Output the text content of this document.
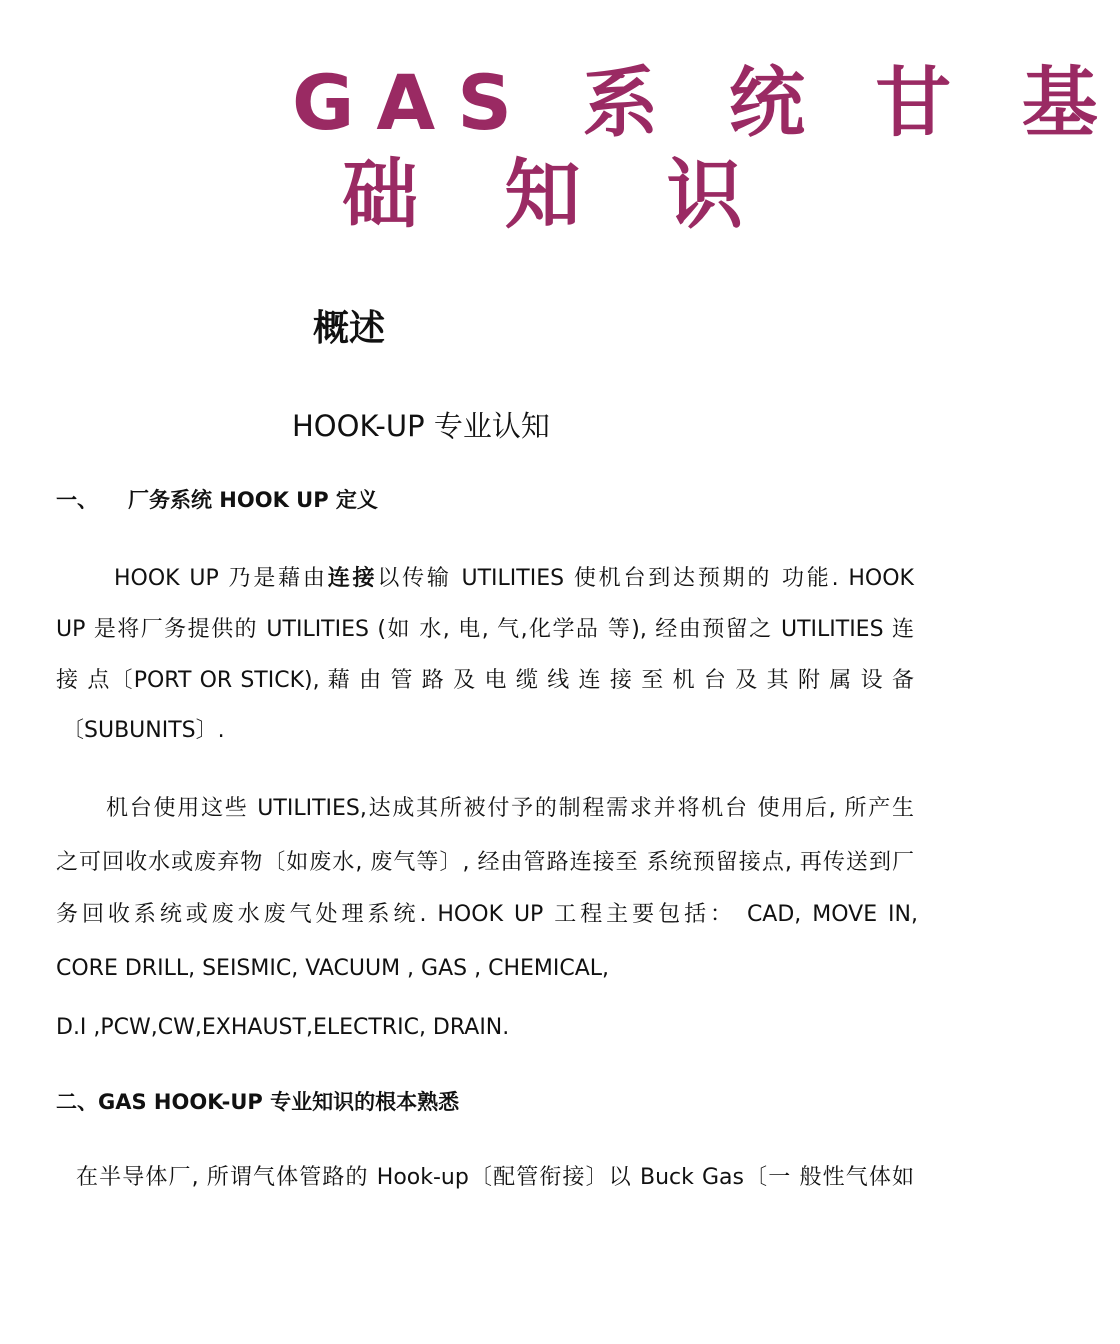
GAS 系 统 甘 基
础 知 识
概述
HOOK-UP 专业认知
一、 厂务系统 HOOK UP 定义
HOOK UP 乃是藉由连接以传输 UTILITIES 使机台到达预期的 功能. HOOK
UP 是将厂务提供的 UTILITIES (如 水, 电, 气,化学品 等), 经由预留之 UTILITIES 连
接 点〔PORT OR STICK), 藉 由 管 路 及 电 缆 线 连 接 至 机 台 及 其 附 属 设 备
〔SUBUNITS〕.
机台使用这些 UTILITIES,达成其所被付予的制程需求并将机台 使用后, 所产生
之可回收水或废弃物〔如废水, 废气等〕, 经由管路连接至 系统预留接点, 再传送到厂
务回收系统或废水废气处理系统. HOOK UP 工程主要包括： CAD, MOVE IN,
CORE DRILL, SEISMIC, VACUUM , GAS , CHEMICAL,
D.I ,PCW,CW,EXHAUST,ELECTRIC, DRAIN.
二、GAS HOOK-UP 专业知识的根本熟悉
在半导体厂, 所谓气体管路的 Hook-up〔配管衔接〕以 Buck Gas〔一 般性气体如
